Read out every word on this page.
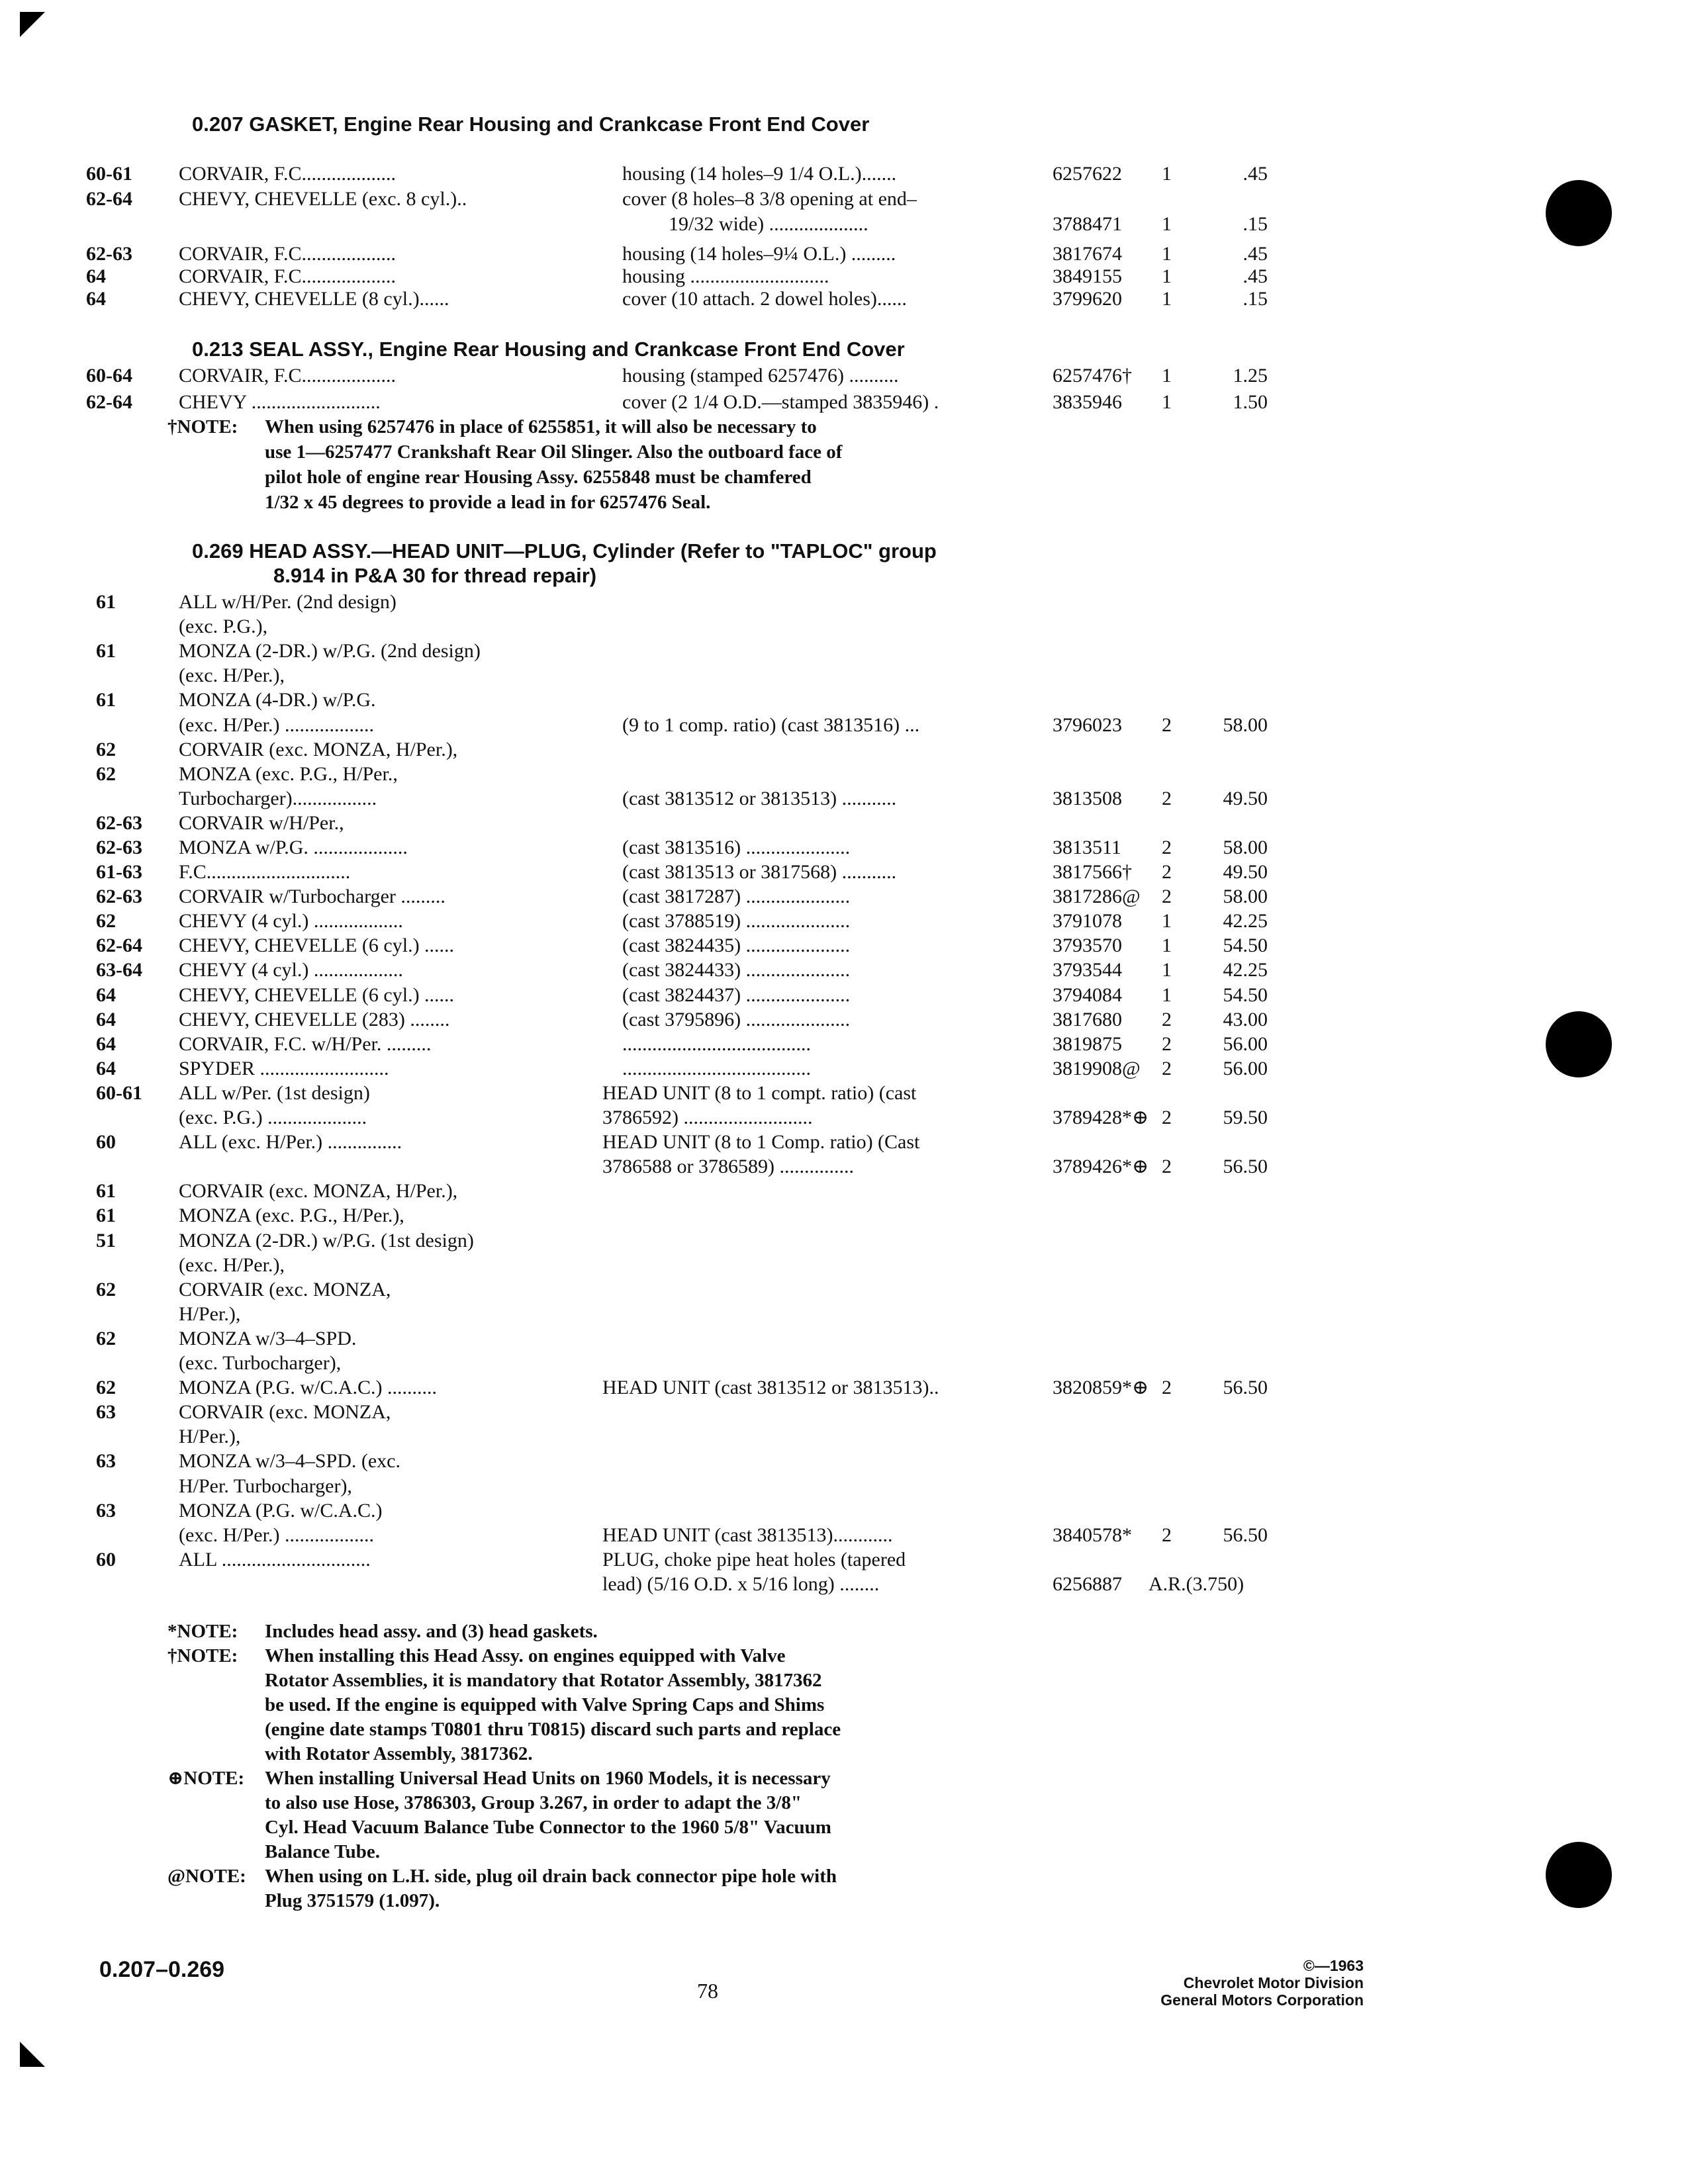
0.207 GASKET, Engine Rear Housing and Crankcase Front End Cover
60-61 CORVAIR, F.C...................	housing (14 holes–9 1/4 O.L.).......	6257622 1	.45
62-64 CHEVY, CHEVELLE (exc. 8 cyl.)..	cover (8 holes–8 3/8 opening at end–
19/32 wide) ....................	3788471 1	.15
62-63 CORVAIR, F.C...................	housing (14 holes–9¼ O.L.) .........	3817674 1	.45
64	CORVAIR, F.C...................	housing ............................	3849155 1	.45
64	CHEVY, CHEVELLE (8 cyl.)......	cover (10 attach. 2 dowel holes)......	3799620 1	.15
0.213 SEAL ASSY., Engine Rear Housing and Crankcase Front End Cover
60-64 CORVAIR, F.C...................	housing (stamped 6257476) ..........	6257476† 1	1.25
62-64 CHEVY ..........................	cover (2 1/4 O.D.—stamped 3835946) .	3835946 1	1.50
†NOTE: When using 6257476 in place of 6255851, it will also be necessary to
use 1—6257477 Crankshaft Rear Oil Slinger. Also the outboard face of
pilot hole of engine rear Housing Assy. 6255848 must be chamfered
1/32 x 45 degrees to provide a lead in for 6257476 Seal.
0.269 HEAD ASSY.—HEAD UNIT—PLUG, Cylinder (Refer to "TAPLOC" group
8.914 in P&A 30 for thread repair)
61	ALL w/H/Per. (2nd design)
(exc. P.G.),
61	MONZA (2-DR.) w/P.G. (2nd design)
(exc. H/Per.),
61	MONZA (4-DR.) w/P.G.
(exc. H/Per.) ..................	(9 to 1 comp. ratio) (cast 3813516) ...	3796023 2	58.00
62	CORVAIR (exc. MONZA, H/Per.),
62	MONZA (exc. P.G., H/Per.,
Turbocharger).................	(cast 3813512 or 3813513) ...........	3813508 2	49.50
62-63 CORVAIR w/H/Per.,
62-63 MONZA w/P.G. ...................	(cast 3813516) .....................	3813511 2	58.00
61-63 F.C.............................	(cast 3813513 or 3817568) ...........	3817566† 2	49.50
62-63 CORVAIR w/Turbocharger .........	(cast 3817287) .....................	3817286@ 2	58.00
62	CHEVY (4 cyl.) ..................	(cast 3788519) .....................	3791078 1	42.25
62-64 CHEVY, CHEVELLE (6 cyl.) ......	(cast 3824435) .....................	3793570 1	54.50
63-64 CHEVY (4 cyl.) ..................	(cast 3824433) .....................	3793544 1	42.25
64	CHEVY, CHEVELLE (6 cyl.) ......	(cast 3824437) .....................	3794084 1	54.50
64	CHEVY, CHEVELLE (283) ........	(cast 3795896) .....................	3817680 2	43.00
64	CORVAIR, F.C. w/H/Per. .........	......................................	3819875 2	56.00
64	SPYDER ..........................	......................................	3819908@ 2	56.00
60-61 ALL w/Per. (1st design)	HEAD UNIT (8 to 1 compt. ratio) (cast
(exc. P.G.) ....................	3786592) ..........................	3789428*⊕ 2	59.50
60	ALL (exc. H/Per.) ...............	HEAD UNIT (8 to 1 Comp. ratio) (Cast
3786588 or 3786589) ...............	3789426*⊕ 2	56.50
61	CORVAIR (exc. MONZA, H/Per.),
61	MONZA (exc. P.G., H/Per.),
51	MONZA (2-DR.) w/P.G. (1st design)
(exc. H/Per.),
62	CORVAIR (exc. MONZA,
H/Per.),
62	MONZA w/3–4–SPD.
(exc. Turbocharger),
62	MONZA (P.G. w/C.A.C.) ..........	HEAD UNIT (cast 3813512 or 3813513)..	3820859*⊕ 2	56.50
63	CORVAIR (exc. MONZA,
H/Per.),
63	MONZA w/3–4–SPD. (exc.
H/Per. Turbocharger),
63	MONZA (P.G. w/C.A.C.)
(exc. H/Per.) ..................	HEAD UNIT (cast 3813513)............	3840578* 2	56.50
60	ALL ..............................	PLUG, choke pipe heat holes (tapered
lead) (5/16 O.D. x 5/16 long) ........	6256887 A.R.(3.750)
*NOTE: Includes head assy. and (3) head gaskets.
†NOTE: When installing this Head Assy. on engines equipped with Valve
Rotator Assemblies, it is mandatory that Rotator Assembly, 3817362
be used. If the engine is equipped with Valve Spring Caps and Shims
(engine date stamps T0801 thru T0815) discard such parts and replace
with Rotator Assembly, 3817362.
⊕NOTE: When installing Universal Head Units on 1960 Models, it is necessary
to also use Hose, 3786303, Group 3.267, in order to adapt the 3/8"
Cyl. Head Vacuum Balance Tube Connector to the 1960 5/8" Vacuum
Balance Tube.
@NOTE: When using on L.H. side, plug oil drain back connector pipe hole with
Plug 3751579 (1.097).
0.207–0.269
78
©—1963
Chevrolet Motor Division
General Motors Corporation
